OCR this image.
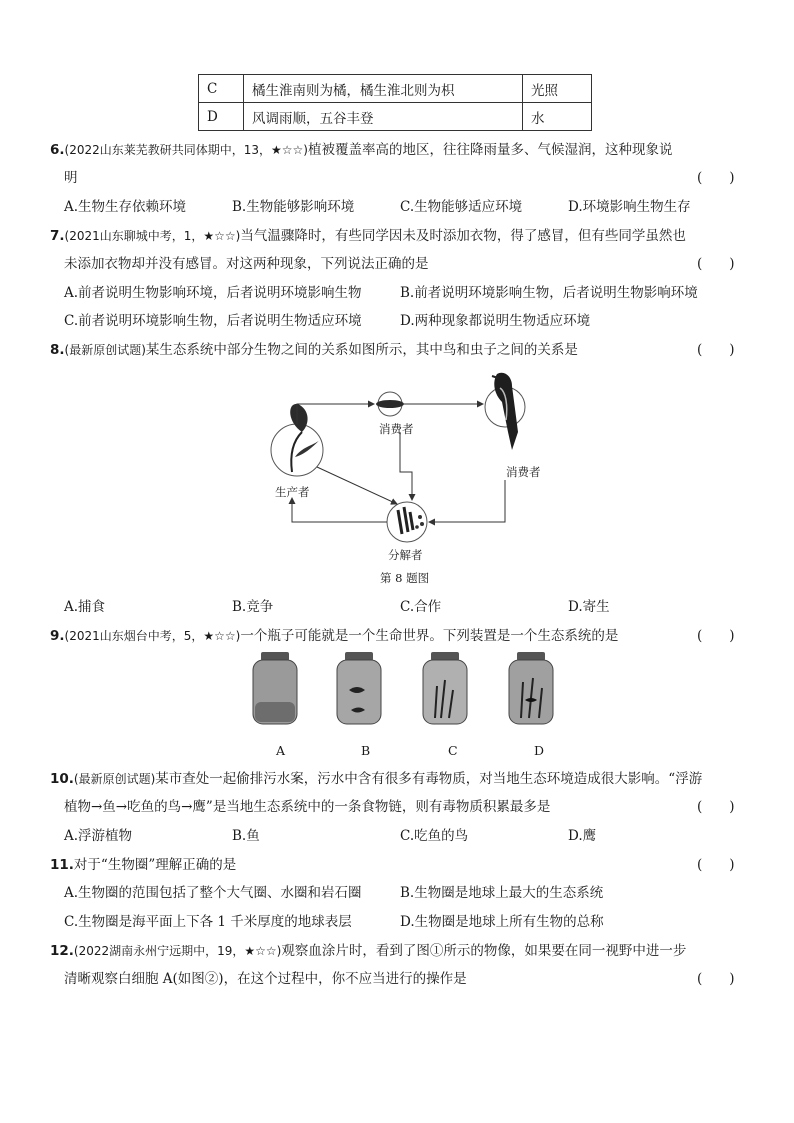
C	橘生淮南则为橘，橘生淮北则为枳	光照
D	风调雨顺，五谷丰登	水
6.(2022山东莱芜教研共同体期中，13，★☆☆)植被覆盖率高的地区，往往降雨量多、气候湿润，这种现象说
明	(　　)
A.生物生存依赖环境	B.生物能够影响环境	C.生物能够适应环境	D.环境影响生物生存
7.(2021山东聊城中考，1，★☆☆)当气温骤降时，有些同学因未及时添加衣物，得了感冒，但有些同学虽然也
未添加衣物却并没有感冒。对这两种现象，下列说法正确的是	(　　)
A.前者说明生物影响环境，后者说明环境影响生物	B.前者说明环境影响生物，后者说明生物影响环境
C.前者说明环境影响生物，后者说明生物适应环境	D.两种现象都说明生物适应环境
8.(最新原创试题)某生态系统中部分生物之间的关系如图所示，其中鸟和虫子之间的关系是	(　　)
生产者
消费者
消费者
分解者
第 8 题图
A.捕食	B.竞争	C.合作	D.寄生
9.(2021山东烟台中考，5，★☆☆)一个瓶子可能就是一个生命世界。下列装置是一个生态系统的是	(　　)
A	B	C	D
10.(最新原创试题)某市查处一起偷排污水案，污水中含有很多有毒物质，对当地生态环境造成很大影响。“浮游
植物→鱼→吃鱼的鸟→鹰”是当地生态系统中的一条食物链，则有毒物质积累最多是	(　　)
A.浮游植物	B.鱼	C.吃鱼的鸟	D.鹰
11.对于“生物圈”理解正确的是	(　　)
A.生物圈的范围包括了整个大气圈、水圈和岩石圈	B.生物圈是地球上最大的生态系统
C.生物圈是海平面上下各 1 千米厚度的地球表层	D.生物圈是地球上所有生物的总称
12.(2022湖南永州宁远期中，19，★☆☆)观察血涂片时，看到了图①所示的物像，如果要在同一视野中进一步
清晰观察白细胞 A(如图②)，在这个过程中，你不应当进行的操作是	(　　)
